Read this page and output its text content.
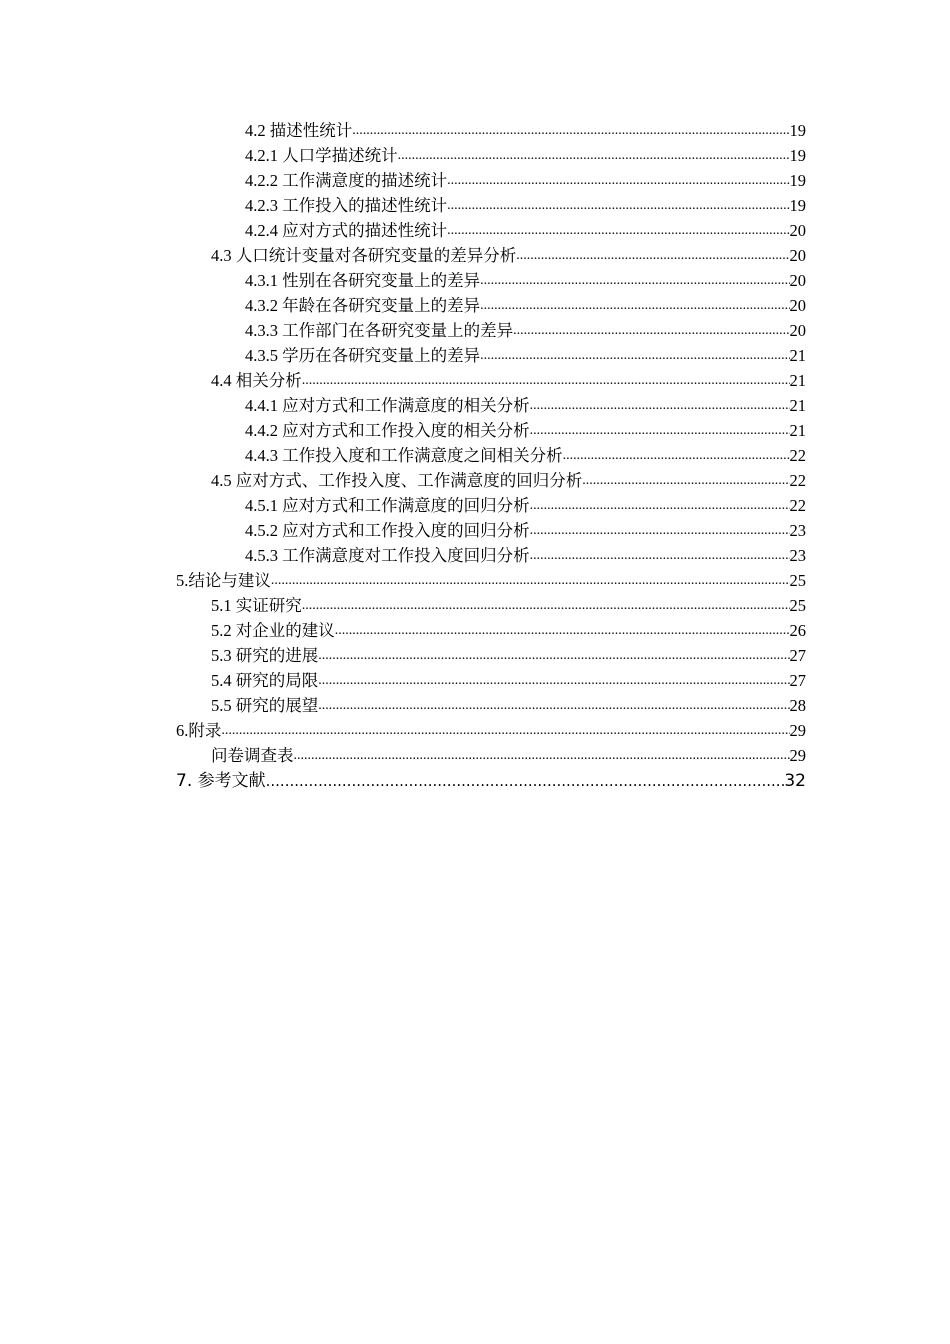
4.2 描述性统计 .....	19
4.2.1 人口学描述统计 .....	19
4.2.2 工作满意度的描述统计 .....	19
4.2.3 工作投入的描述性统计 .....	19
4.2.4 应对方式的描述性统计 .....	20
4.3 人口统计变量对各研究变量的差异分析 .....	20
4.3.1 性别在各研究变量上的差异 .....	20
4.3.2 年龄在各研究变量上的差异 .....	20
4.3.3 工作部门在各研究变量上的差异 .....	20
4.3.5 学历在各研究变量上的差异 .....	21
4.4 相关分析 .....	21
4.4.1 应对方式和工作满意度的相关分析 .....	21
4.4.2 应对方式和工作投入度的相关分析 .....	21
4.4.3 工作投入度和工作满意度之间相关分析 .....	22
4.5 应对方式、工作投入度、工作满意度的回归分析 .....	22
4.5.1 应对方式和工作满意度的回归分析 .....	22
4.5.2 应对方式和工作投入度的回归分析 .....	23
4.5.3 工作满意度对工作投入度回归分析 .....	23
5.结论与建议 .....	25
5.1 实证研究 .....	25
5.2 对企业的建议 .....	26
5.3 研究的进展 .....	27
5.4 研究的局限 .....	27
5.5 研究的展望 .....	28
6.附录 .....	29
问卷调查表 .....	29
7. 参考文献 .....	32
